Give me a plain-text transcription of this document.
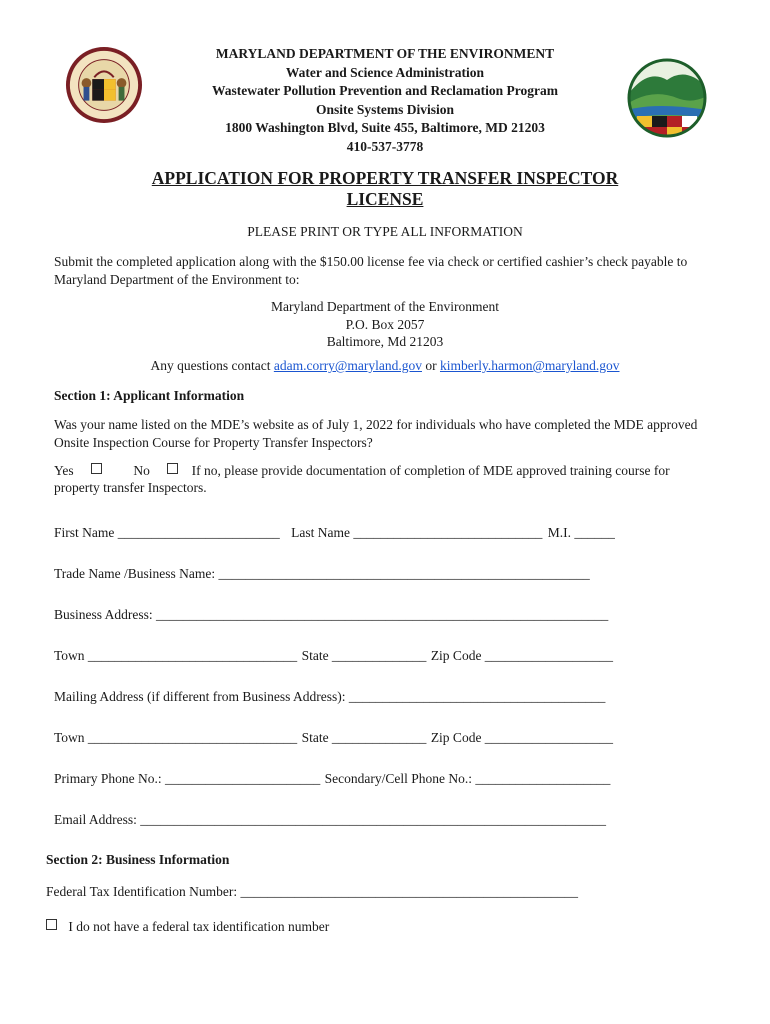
MARYLAND DEPARTMENT OF THE ENVIRONMENT
Water and Science Administration
Wastewater Pollution Prevention and Reclamation Program
Onsite Systems Division
1800 Washington Blvd, Suite 455, Baltimore, MD 21203
410-537-3778
APPLICATION FOR PROPERTY TRANSFER INSPECTOR
LICENSE
PLEASE PRINT OR TYPE ALL INFORMATION
Submit the completed application along with the $150.00 license fee via check or certified cashier’s check payable to
Maryland Department of the Environment to:
Maryland Department of the Environment
P.O. Box 2057
Baltimore, Md 21203
Any questions contact adam.corry@maryland.gov or kimberly.harmon@maryland.gov
Section 1: Applicant Information
Was your name listed on the MDE’s website as of July 1, 2022 for individuals who have completed the MDE approved
Onsite Inspection Course for Property Transfer Inspectors?
Yes	No	If no, please provide documentation of completion of MDE approved training course for
property transfer Inspectors.
First Name ________________________ Last Name ____________________________ M.I. ______
Trade Name /Business Name: _______________________________________________________
Business Address: ___________________________________________________________________
Town _______________________________ State ______________ Zip Code ___________________
Mailing Address (if different from Business Address): ______________________________________
Town _______________________________ State ______________ Zip Code ___________________
Primary Phone No.: _______________________ Secondary/Cell Phone No.: ____________________
Email Address: _____________________________________________________________________
Section 2: Business Information
Federal Tax Identification Number: __________________________________________________
I do not have a federal tax identification number
